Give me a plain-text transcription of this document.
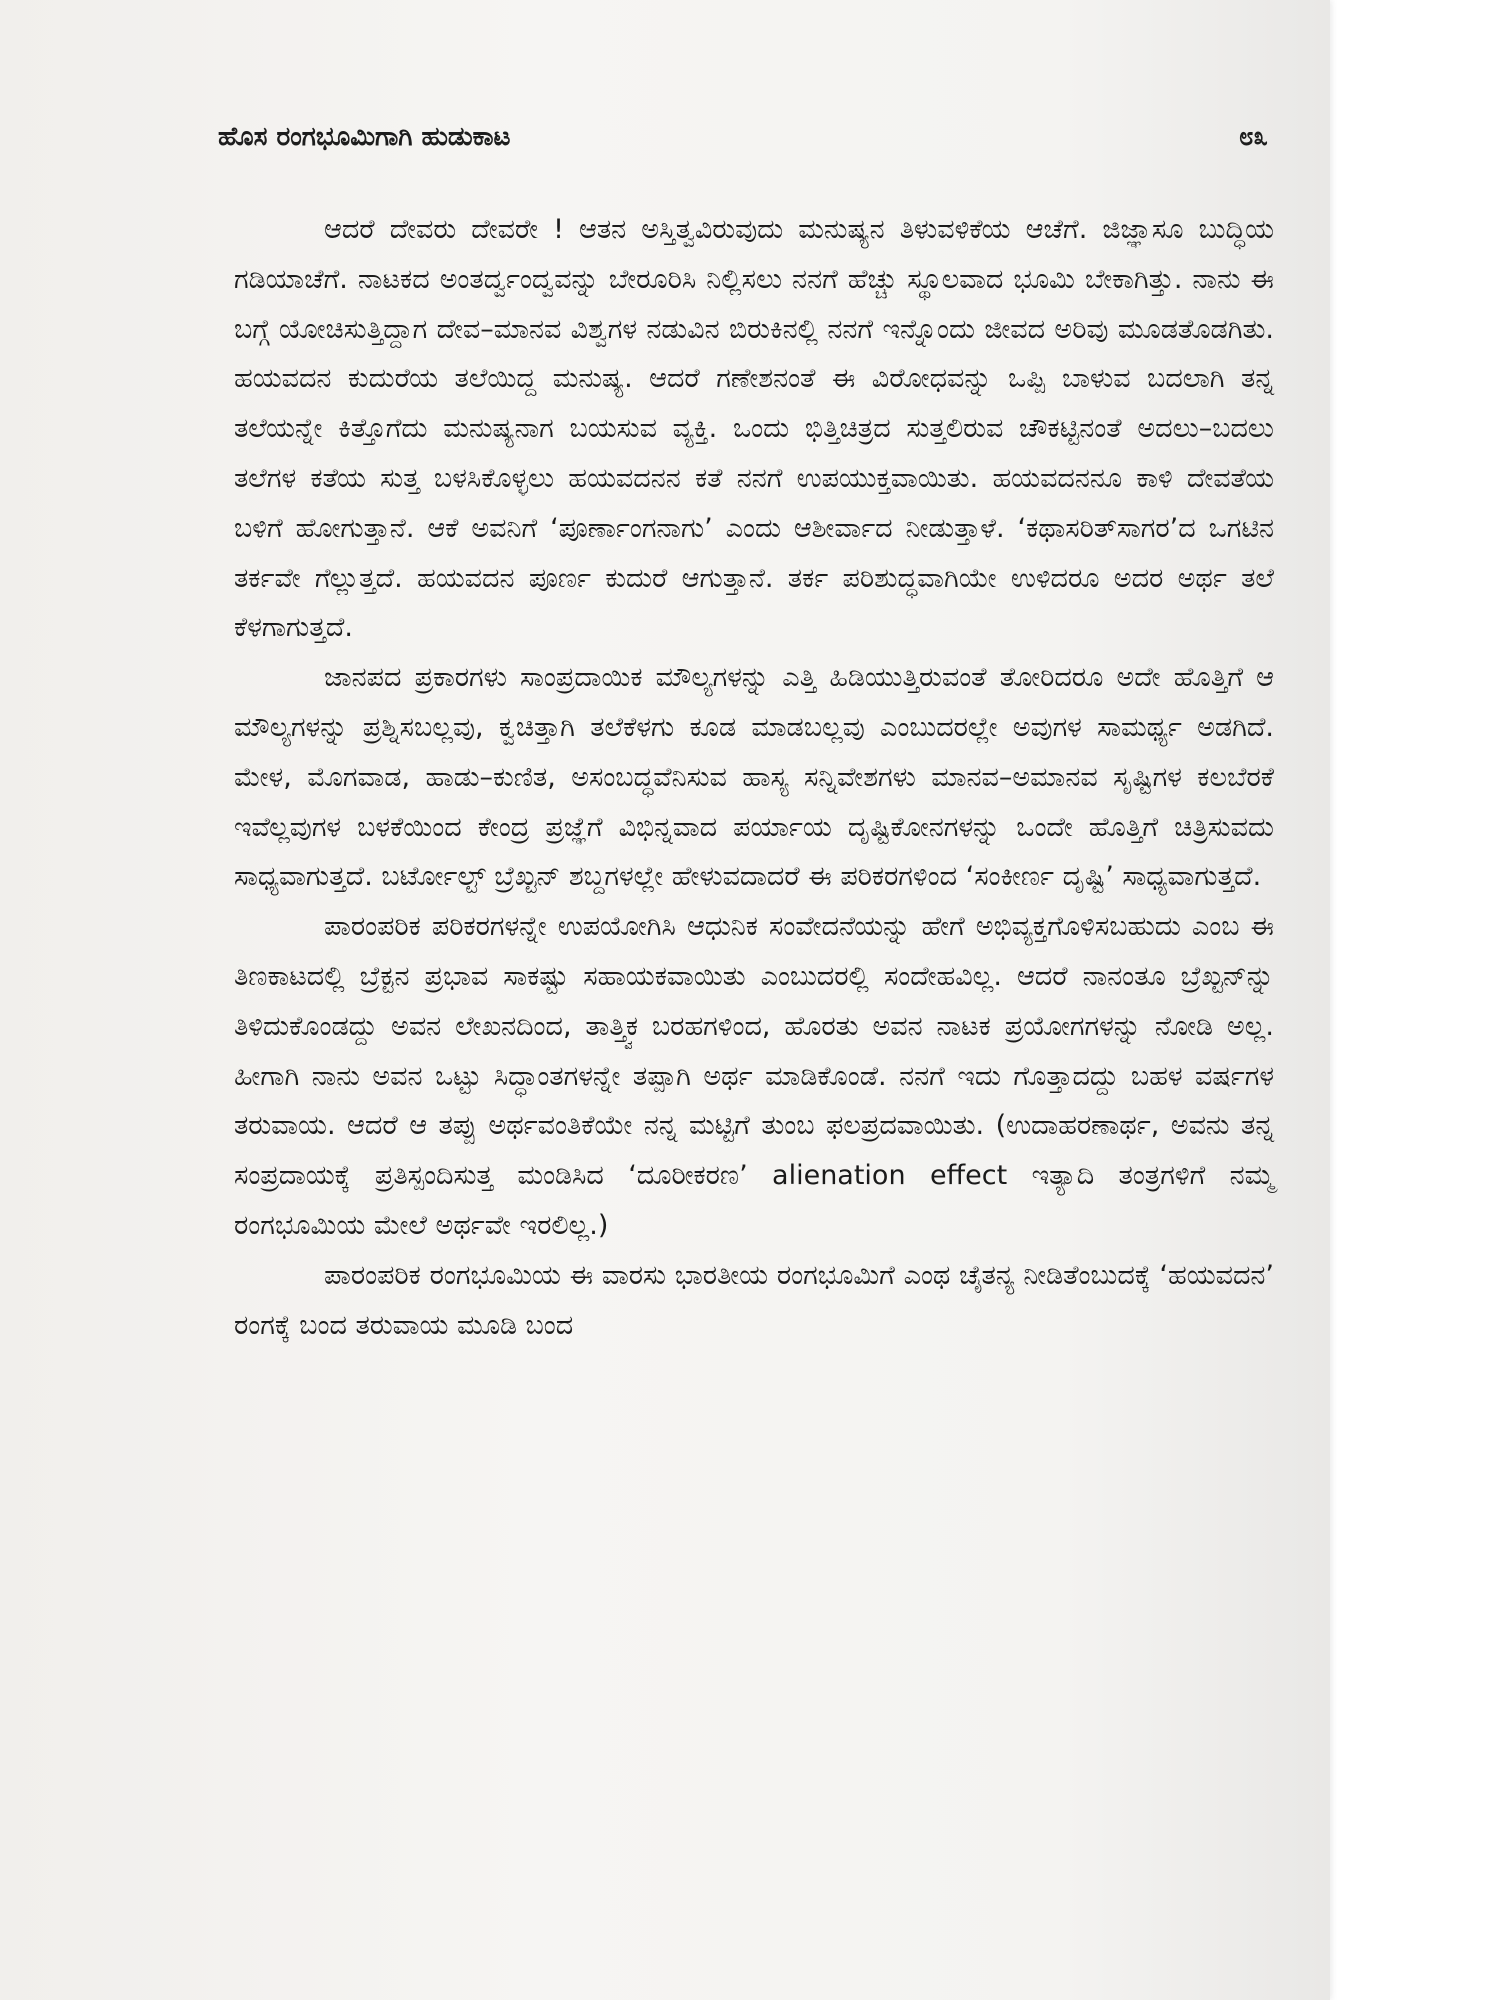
ಹೊಸ ರಂಗಭೂಮಿಗಾಗಿ ಹುಡುಕಾಟ	೮೩

ಆದರೆ ದೇವರು ದೇವರೇ ! ಆತನ ಅಸ್ತಿತ್ವವಿರುವುದು ಮನುಷ್ಯನ ತಿಳುವಳಿಕೆಯ ಆಚೆಗೆ. ಜಿಜ್ಞಾಸೂ ಬುದ್ಧಿಯ ಗಡಿಯಾಚೆಗೆ. ನಾಟಕದ ಅಂತರ್ದ್ವಂದ್ವವನ್ನು ಬೇರೂರಿಸಿ ನಿಲ್ಲಿಸಲು ನನಗೆ ಹೆಚ್ಚು ಸ್ಥೂಲವಾದ ಭೂಮಿ ಬೇಕಾಗಿತ್ತು. ನಾನು ಈ ಬಗ್ಗೆ ಯೋಚಿಸುತ್ತಿದ್ದಾಗ ದೇವ–ಮಾನವ ವಿಶ್ವಗಳ ನಡುವಿನ ಬಿರುಕಿನಲ್ಲಿ ನನಗೆ ಇನ್ನೊಂದು ಜೀವದ ಅರಿವು ಮೂಡತೊಡಗಿತು. ಹಯವದನ ಕುದುರೆಯ ತಲೆಯಿದ್ದ ಮನುಷ್ಯ. ಆದರೆ ಗಣೇಶನಂತೆ ಈ ವಿರೋಧವನ್ನು ಒಪ್ಪಿ ಬಾಳುವ ಬದಲಾಗಿ ತನ್ನ ತಲೆಯನ್ನೇ ಕಿತ್ತೊಗೆದು ಮನುಷ್ಯನಾಗ ಬಯಸುವ ವ್ಯಕ್ತಿ. ಒಂದು ಭಿತ್ತಿಚಿತ್ರದ ಸುತ್ತಲಿರುವ ಚೌಕಟ್ಟಿನಂತೆ ಅದಲು–ಬದಲು ತಲೆಗಳ ಕತೆಯ ಸುತ್ತ ಬಳಸಿಕೊಳ್ಳಲು ಹಯವದನನ ಕತೆ ನನಗೆ ಉಪಯುಕ್ತವಾಯಿತು. ಹಯವದನನೂ ಕಾಳಿ ದೇವತೆಯ ಬಳಿಗೆ ಹೋಗುತ್ತಾನೆ. ಆಕೆ ಅವನಿಗೆ ‘ಪೂರ್ಣಾಂಗನಾಗು’ ಎಂದು ಆಶೀರ್ವಾದ ನೀಡುತ್ತಾಳೆ. ‘ಕಥಾಸರಿತ್‌ಸಾಗರ’ದ ಒಗಟಿನ ತರ್ಕವೇ ಗೆಲ್ಲುತ್ತದೆ. ಹಯವದನ ಪೂರ್ಣ ಕುದುರೆ ಆಗುತ್ತಾನೆ. ತರ್ಕ ಪರಿಶುದ್ಧವಾಗಿಯೇ ಉಳಿದರೂ ಅದರ ಅರ್ಥ ತಲೆ ಕೆಳಗಾಗುತ್ತದೆ.

ಜಾನಪದ ಪ್ರಕಾರಗಳು ಸಾಂಪ್ರದಾಯಿಕ ಮೌಲ್ಯಗಳನ್ನು ಎತ್ತಿ ಹಿಡಿಯುತ್ತಿರುವಂತೆ ತೋರಿದರೂ ಅದೇ ಹೊತ್ತಿಗೆ ಆ ಮೌಲ್ಯಗಳನ್ನು ಪ್ರಶ್ನಿಸಬಲ್ಲವು, ಕ್ವಚಿತ್ತಾಗಿ ತಲೆಕೆಳಗು ಕೂಡ ಮಾಡಬಲ್ಲವು ಎಂಬುದರಲ್ಲೇ ಅವುಗಳ ಸಾಮರ್ಥ್ಯ ಅಡಗಿದೆ. ಮೇಳ, ಮೊಗವಾಡ, ಹಾಡು–ಕುಣಿತ, ಅಸಂಬದ್ಧವೆನಿಸುವ ಹಾಸ್ಯ ಸನ್ನಿವೇಶಗಳು ಮಾನವ–ಅಮಾನವ ಸೃಷ್ಟಿಗಳ ಕಲಬೆರಕೆ ಇವೆಲ್ಲವುಗಳ ಬಳಕೆಯಿಂದ ಕೇಂದ್ರ ಪ್ರಜ್ಞೆಗೆ ವಿಭಿನ್ನವಾದ ಪರ್ಯಾಯ ದೃಷ್ಟಿಕೋನಗಳನ್ನು ಒಂದೇ ಹೊತ್ತಿಗೆ ಚಿತ್ರಿಸುವದು ಸಾಧ್ಯವಾಗುತ್ತದೆ. ಬರ್ಟೋಲ್ಟ್ ಬ್ರೆಖ್ಟನ್ ಶಬ್ದಗಳಲ್ಲೇ ಹೇಳುವದಾದರೆ ಈ ಪರಿಕರಗಳಿಂದ ‘ಸಂಕೀರ್ಣ ದೃಷ್ಟಿ’ ಸಾಧ್ಯವಾಗುತ್ತದೆ.

ಪಾರಂಪರಿಕ ಪರಿಕರಗಳನ್ನೇ ಉಪಯೋಗಿಸಿ ಆಧುನಿಕ ಸಂವೇದನೆಯನ್ನು ಹೇಗೆ ಅಭಿವ್ಯಕ್ತಗೊಳಿಸಬಹುದು ಎಂಬ ಈ ತಿಣಕಾಟದಲ್ಲಿ ಬ್ರೆಕ್ಟನ ಪ್ರಭಾವ ಸಾಕಷ್ಟು ಸಹಾಯಕವಾಯಿತು ಎಂಬುದರಲ್ಲಿ ಸಂದೇಹವಿಲ್ಲ. ಆದರೆ ನಾನಂತೂ ಬ್ರೆಖ್ಟನ್‌ನ್ನು ತಿಳಿದುಕೊಂಡದ್ದು ಅವನ ಲೇಖನದಿಂದ, ತಾತ್ತ್ವಿಕ ಬರಹಗಳಿಂದ, ಹೊರತು ಅವನ ನಾಟಕ ಪ್ರಯೋಗಗಳನ್ನು ನೋಡಿ ಅಲ್ಲ. ಹೀಗಾಗಿ ನಾನು ಅವನ ಒಟ್ಟು ಸಿದ್ಧಾಂತಗಳನ್ನೇ ತಪ್ಪಾಗಿ ಅರ್ಥ ಮಾಡಿಕೊಂಡೆ. ನನಗೆ ಇದು ಗೊತ್ತಾದದ್ದು ಬಹಳ ವರ್ಷಗಳ ತರುವಾಯ. ಆದರೆ ಆ ತಪ್ಪು ಅರ್ಥವಂತಿಕೆಯೇ ನನ್ನ ಮಟ್ಟಿಗೆ ತುಂಬ ಫಲಪ್ರದವಾಯಿತು. (ಉದಾಹರಣಾರ್ಥ, ಅವನು ತನ್ನ ಸಂಪ್ರದಾಯಕ್ಕೆ ಪ್ರತಿಸ್ಪಂದಿಸುತ್ತ ಮಂಡಿಸಿದ ‘ದೂರೀಕರಣ’ alienation effect ಇತ್ಯಾದಿ ತಂತ್ರಗಳಿಗೆ ನಮ್ಮ ರಂಗಭೂಮಿಯ ಮೇಲೆ ಅರ್ಥವೇ ಇರಲಿಲ್ಲ.)

ಪಾರಂಪರಿಕ ರಂಗಭೂಮಿಯ ಈ ವಾರಸು ಭಾರತೀಯ ರಂಗಭೂಮಿಗೆ ಎಂಥ ಚೈತನ್ಯ ನೀಡಿತೆಂಬುದಕ್ಕೆ ‘ಹಯವದನ’ ರಂಗಕ್ಕೆ ಬಂದ ತರುವಾಯ ಮೂಡಿ ಬಂದ
